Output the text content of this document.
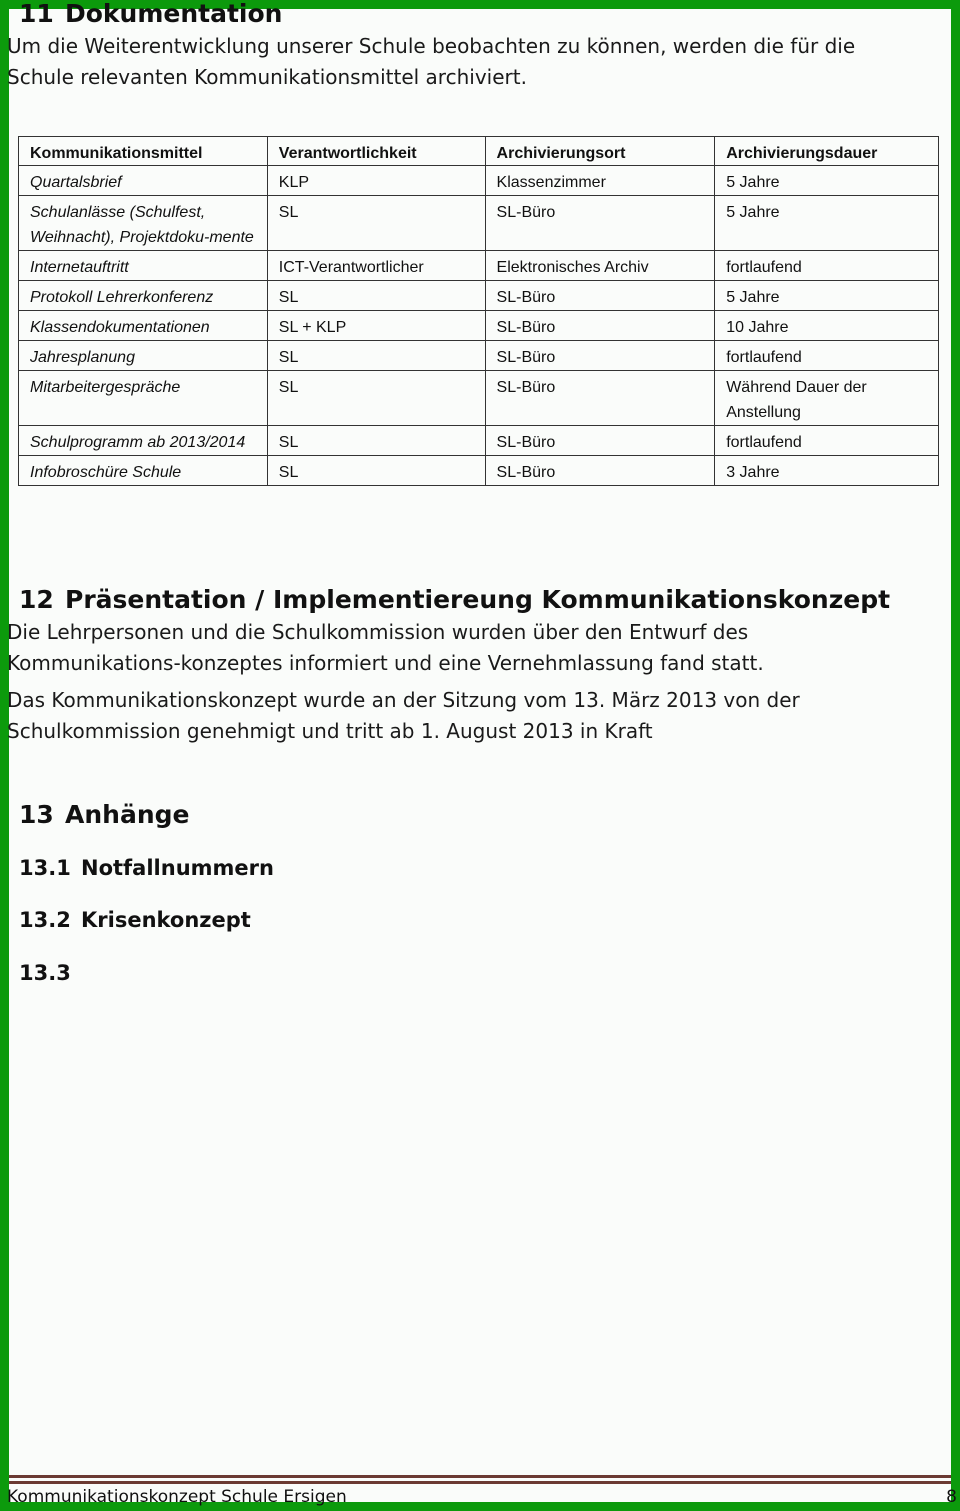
11 Dokumentation

Um die Weiterentwicklung unserer Schule beobachten zu können, werden die für die Schule relevanten Kommunikationsmittel archiviert.

Kommunikationsmittel	Verantwortlichkeit	Archivierungsort	Archivierungsdauer
Quartalsbrief	KLP	Klassenzimmer	5 Jahre
Schulanlässe (Schulfest, Weihnacht), Projektdoku-mente	SL	SL-Büro	5 Jahre
Internetauftritt	ICT-Verantwortlicher	Elektronisches Archiv	fortlaufend
Protokoll Lehrerkonferenz	SL	SL-Büro	5 Jahre
Klassendokumentationen	SL + KLP	SL-Büro	10 Jahre
Jahresplanung	SL	SL-Büro	fortlaufend
Mitarbeitergespräche	SL	SL-Büro	Während Dauer der Anstellung
Schulprogramm ab 2013/2014	SL	SL-Büro	fortlaufend
Infobroschüre Schule	SL	SL-Büro	3 Jahre
12 Präsentation / Implementiereung Kommunikationskonzept

Die Lehrpersonen und die Schulkommission wurden über den Entwurf des Kommunikations-konzeptes informiert und eine Vernehmlassung fand statt.

Das Kommunikationskonzept wurde an der Sitzung vom 13. März 2013 von der Schulkommission genehmigt und tritt ab 1. August 2013 in Kraft

13 Anhänge
13.1 Notfallnummern
13.2 Krisenkonzept
13.3
Kommunikationskonzept Schule Ersigen	8
